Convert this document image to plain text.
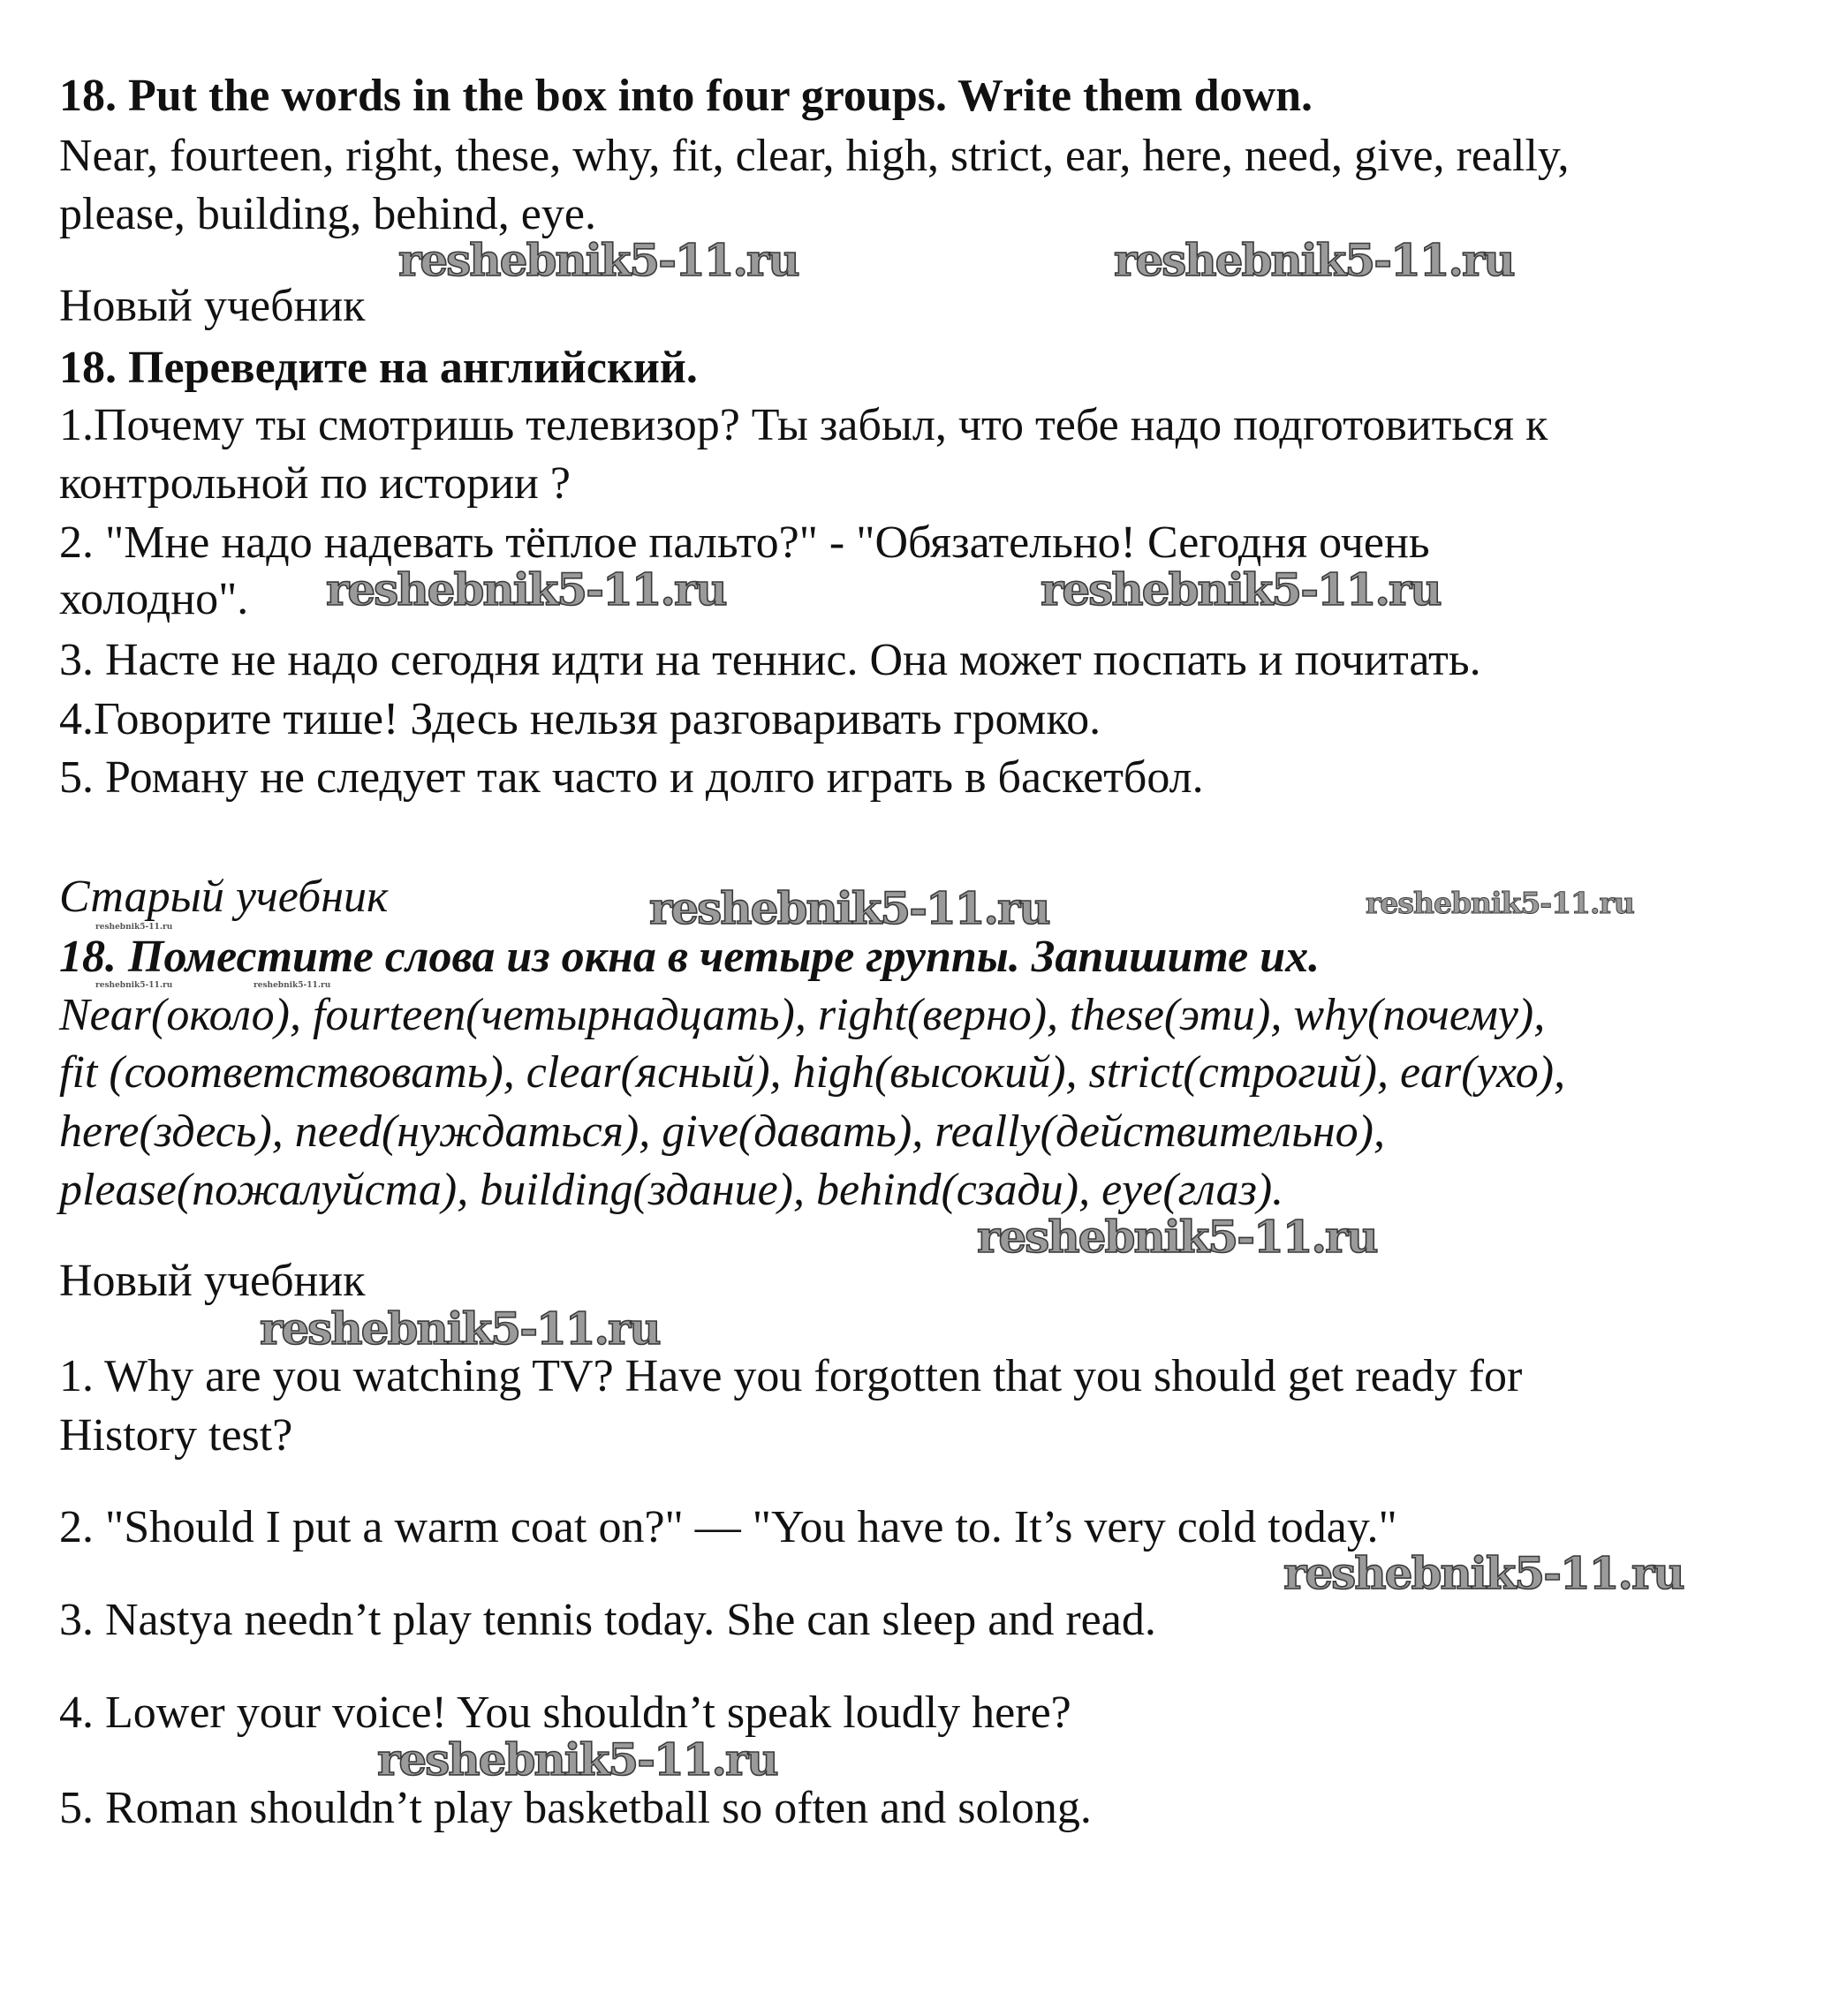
18. Put the words in the box into four groups. Write them down.
Near, fourteen, right, these, why, fit, clear, high, strict, ear, here, need, give, really,
please, building, behind, eye.
Новый учебник
18. Переведите на английский.
1.Почему ты смотришь телевизор? Ты забыл, что тебе надо подготовиться к
контрольной по истории ?
2. "Мне надо надевать тёплое пальто?" - "Обязательно! Сегодня очень
холодно".
3. Насте не надо сегодня идти на теннис. Она может поспать и почитать.
4.Говорите тише! Здесь нельзя разговаривать громко.
5. Роману не следует так часто и долго играть в баскетбол.
Старый учебник
18. Поместите слова из окна в четыре группы. Запишите их.
Near(около), fourteen(четырнадцать), right(верно), these(эти), why(почему),
fit (соответствовать), clear(ясный), high(высокий), strict(строгий), ear(ухо),
here(здесь), need(нуждаться), give(давать), really(действительно),
please(пожалуйста), building(здание), behind(сзади), eye(глаз).
Новый учебник
1. Why are you watching TV? Have you forgotten that you should get ready for
History test?
2. "Should I put a warm coat on?" — "You have to. It’s very cold today."
3. Nastya needn’t play tennis today. She can sleep and read.
4. Lower your voice! You shouldn’t speak loudly here?
5. Roman shouldn’t play basketball so often and solong.
reshebnik5-11.ru	reshebnik5-11.ru
reshebnik5-11.ru	reshebnik5-11.ru
reshebnik5-11.ru	reshebnik5-11.ru
reshebnik5-11.ru
reshebnik5-11.ru
reshebnik5-11.ru
reshebnik5-11.ru
reshebnik5-11.ru
reshebnik5-11.ru
reshebnik5-11.ru
